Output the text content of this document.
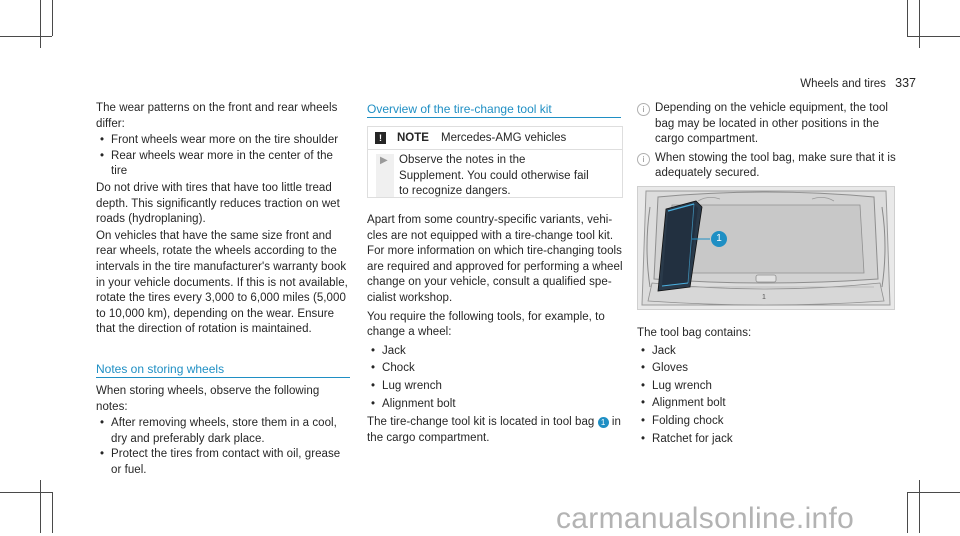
Wheels and tires 337

The wear patterns on the front and rear wheels differ:

• Front wheels wear more on the tire shoulder
• Rear wheels wear more in the center of the tire

Do not drive with tires that have too little tread depth. This significantly reduces traction on wet roads (hydroplaning).

On vehicles that have the same size front and rear wheels, rotate the wheels according to the intervals in the tire manufacturer's warranty book in your vehicle documents. If this is not available, rotate the tires every 3,000 to 6,000 miles (5,000 to 10,000 km), depending on the wear. Ensure that the direction of rotation is maintained.

Notes on storing wheels

When storing wheels, observe the following notes:

• After removing wheels, store them in a cool, dry and preferably dark place.
• Protect the tires from contact with oil, grease or fuel.
Overview of the tire-change tool kit
!	NOTE Mercedes-AMG vehicles
▶ Observe the notes in the Supplement. You could otherwise fail to recognize dangers.

Apart from some country-specific variants, vehicles are not equipped with a tire-change tool kit. For more information on which tire-changing tools are required and approved for performing a wheel change on your vehicle, consult a qualified specialist workshop.

You require the following tools, for example, to change a wheel:

• Jack
• Chock
• Lug wrench
• Alignment bolt

The tire-change tool kit is located in tool bag 1 in the cargo compartment.

i Depending on the vehicle equipment, the tool bag may be located in other positions in the cargo compartment.
i When stowing the tool bag, make sure that it is adequately secured.
1
1

The tool bag contains:

• Jack
• Gloves
• Lug wrench
• Alignment bolt
• Folding chock
• Ratchet for jack
carmanualsonline.info
